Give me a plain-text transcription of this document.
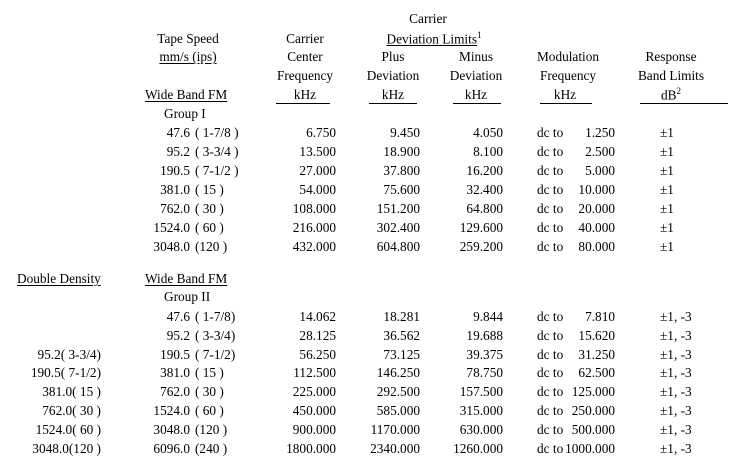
Carrier
Deviation Limits$^1$
Tape Speed
mm/s (ips)
Wide Band FM
Carrier
Center
Frequency
kHz
Plus
Deviation
kHz
Minus
Deviation
kHz
Modulation
Frequency
kHz
Response
Band Limits
$dB^2$
Group I
47.6 ( 1-7/8 )	6.750	9.450	4.050	dc to 1.250	±1
95.2 ( 3-3/4 )	13.500	18.900	8.100	dc to 2.500	±1
190.5 ( 7-1/2 )	27.000	37.800	16.200	dc to 5.000	±1
381.0 ( 15 )	54.000	75.600	32.400	dc to 10.000	±1
762.0 ( 30 )	108.000	151.200	64.800	dc to 20.000	±1
1524.0 ( 60 )	216.000	302.400	129.600	dc to 40.000	±1
3048.0 (120 )	432.000	604.800	259.200	dc to 80.000	±1
Double Density	Wide Band FM
Group II
47.6 ( 1-7/8)	14.062	18.281	9.844	dc to 7.810	±1, -3
95.2 ( 3-3/4)	28.125	36.562	19.688	dc to 15.620	±1, -3
95.2( 3-3/4)	190.5 ( 7-1/2)	56.250	73.125	39.375	dc to 31.250	±1, -3
190.5( 7-1/2)	381.0 ( 15 )	112.500	146.250	78.750	dc to 62.500	±1, -3
381.0( 15 )	762.0 ( 30 )	225.000	292.500	157.500	dc to 125.000	±1, -3
762.0( 30 )	1524.0 ( 60 )	450.000	585.000	315.000	dc to 250.000	±1, -3
1524.0( 60 )	3048.0 (120 )	900.000	1170.000	630.000	dc to 500.000	±1, -3
3048.0(120 )	6096.0 (240 )	1800.000	2340.000 1260.000	dc to 1000.000	±1, -3
